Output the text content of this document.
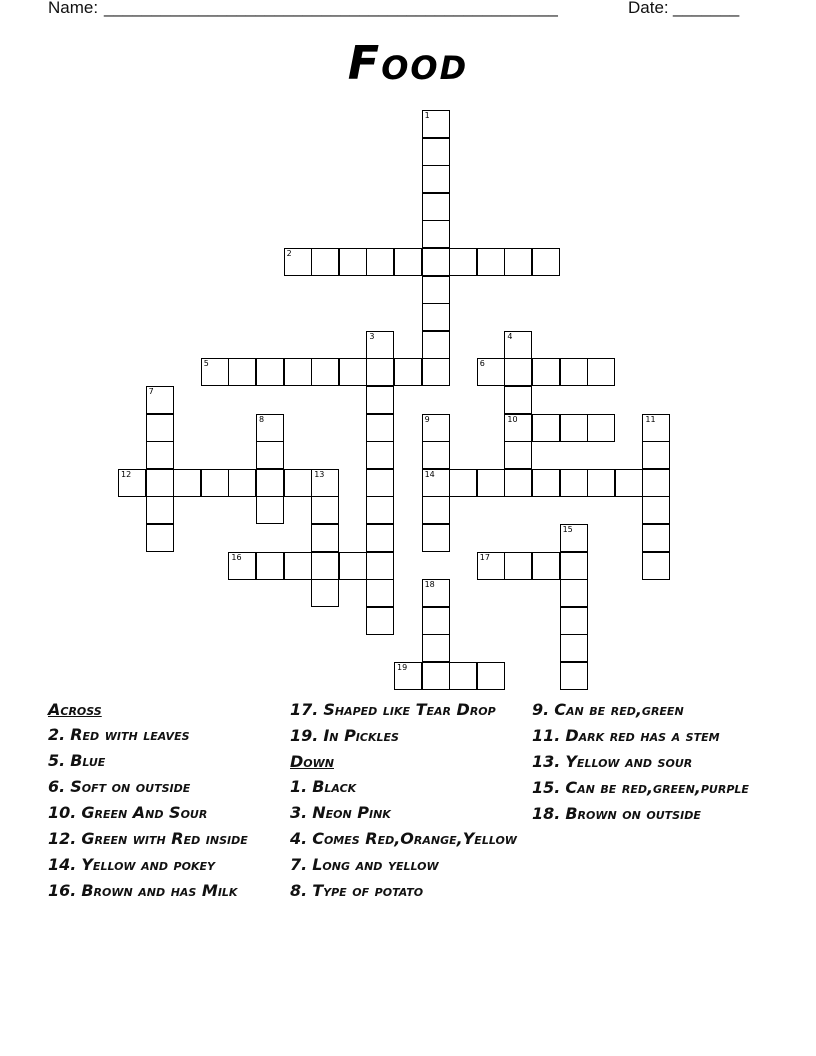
Name: ________________________________________________	Date: _______
Food
1
2
3	4
10
5	6
7
8	9
14
11
12	13
15
16	17
18
19
Across
2. Red with leaves
5. Blue
6. Soft on outside
10. Green And Sour
12. Green with Red inside
14. Yellow and pokey
16. Brown and has Milk
17. Shaped like Tear Drop
19. In Pickles
Down
1. Black
3. Neon Pink
4. Comes Red,Orange,Yellow
7. Long and yellow
8. Type of potato
9. Can be red,green
11. Dark red has a stem
13. Yellow and sour
15. Can be red,green,purple
18. Brown on outside
